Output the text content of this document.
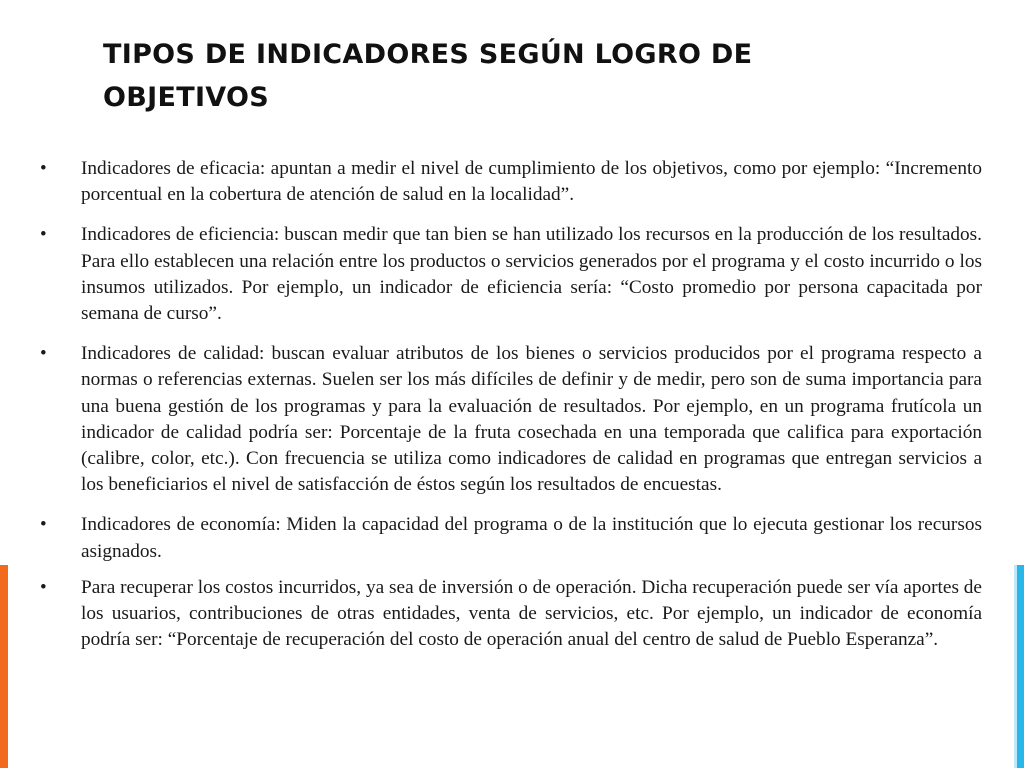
TIPOS DE INDICADORES SEGÚN LOGRO DE OBJETIVOS
•	Indicadores de eficacia: apuntan a medir el nivel de cumplimiento de los objetivos, como por ejemplo: “Incremento porcentual en la cobertura de atención de salud en la localidad”.

•	Indicadores de eficiencia: buscan medir que tan bien se han utilizado los recursos en la producción de los resultados. Para ello establecen una relación entre los productos o servicios generados por el programa y el costo incurrido o los insumos utilizados. Por ejemplo, un indicador de eficiencia sería: “Costo promedio por persona capacitada por semana de curso”.

•	Indicadores de calidad: buscan evaluar atributos de los bienes o servicios producidos por el programa respecto a normas o referencias externas. Suelen ser los más difíciles de definir y de medir, pero son de suma importancia para una buena gestión de los programas y para la evaluación de resultados. Por ejemplo, en un programa frutícola un indicador de calidad podría ser: Porcentaje de la fruta cosechada en una temporada que califica para exportación (calibre, color, etc.). Con frecuencia se utiliza como indicadores de calidad en programas que entregan servicios a los beneficiarios el nivel de satisfacción de éstos según los resultados de encuestas.

•	Indicadores de economía: Miden la capacidad del programa o de la institución que lo ejecuta gestionar los recursos asignados.

•	Para recuperar los costos incurridos, ya sea de inversión o de operación. Dicha recuperación puede ser vía aportes de los usuarios, contribuciones de otras entidades, venta de servicios, etc. Por ejemplo, un indicador de economía podría ser: “Porcentaje de recuperación del costo de operación anual del centro de salud de Pueblo Esperanza”.
